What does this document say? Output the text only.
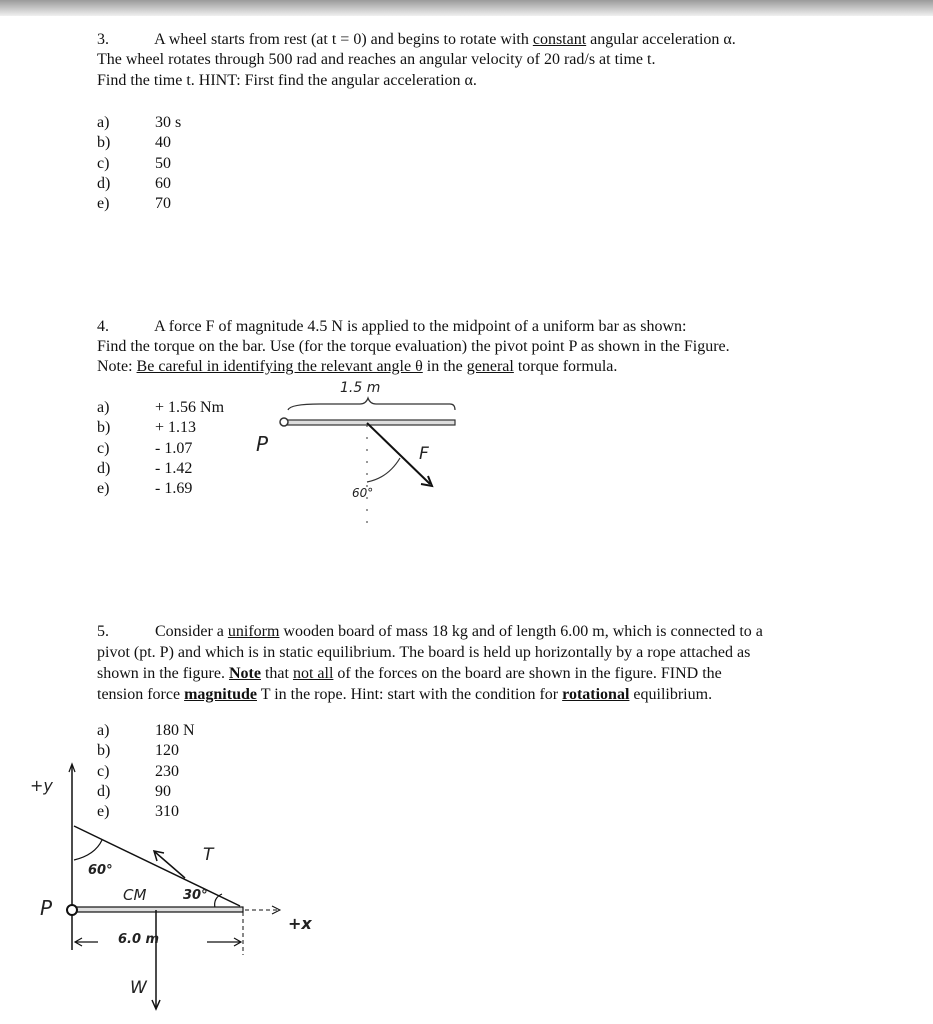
3.	A wheel starts from rest (at t = 0) and begins to rotate with constant angular acceleration α.
The wheel rotates through 500 rad and reaches an angular velocity of 20 rad/s at time t.
Find the time t. HINT: First find the angular acceleration α.
a)	30 s
b)	40
c)	50
d)	60
e)	70
4.	A force F of magnitude 4.5 N is applied to the midpoint of a uniform bar as shown:
Find the torque on the bar. Use (for the torque evaluation) the pivot point P as shown in the Figure.
Note: Be careful in identifying the relevant angle θ in the general torque formula.
a)	+ 1.56 Nm
b)	+ 1.13
c)	- 1.07
d)	- 1.42
e)	- 1.69
1.5 m
P	F
60°
5.	Consider a uniform wooden board of mass 18 kg and of length 6.00 m, which is connected to a
pivot (pt. P) and which is in static equilibrium. The board is held up horizontally by a rope attached as
shown in the figure. Note that not all of the forces on the board are shown in the figure. FIND the
tension force magnitude T in the rope. Hint: start with the condition for rotational equilibrium.
a)	180 N
b)	120
c)	230
d)	90
e)	310
+y
P
60°
CM	30°
T
+x
6.0 m
W
